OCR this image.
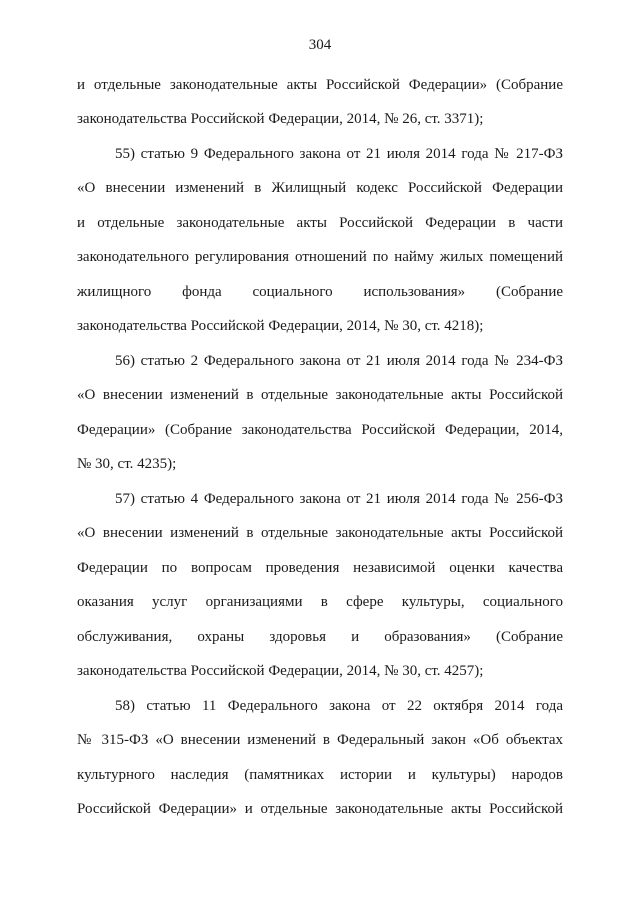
304
и отдельные законодательные акты Российской Федерации» (Собрание
законодательства Российской Федерации, 2014, № 26, ст. 3371);
55) статью 9 Федерального закона от 21 июля 2014 года № 217-ФЗ
«О внесении изменений в Жилищный кодекс Российской Федерации
и отдельные законодательные акты Российской Федерации в части
законодательного регулирования отношений по найму жилых помещений
жилищного фонда социального использования» (Собрание
законодательства Российской Федерации, 2014, № 30, ст. 4218);
56) статью 2 Федерального закона от 21 июля 2014 года № 234-ФЗ
«О внесении изменений в отдельные законодательные акты Российской
Федерации» (Собрание законодательства Российской Федерации, 2014,
№ 30, ст. 4235);
57) статью 4 Федерального закона от 21 июля 2014 года № 256-ФЗ
«О внесении изменений в отдельные законодательные акты Российской
Федерации по вопросам проведения независимой оценки качества
оказания услуг организациями в сфере культуры, социального
обслуживания, охраны здоровья и образования» (Собрание
законодательства Российской Федерации, 2014, № 30, ст. 4257);
58) статью 11 Федерального закона от 22 октября 2014 года
№ 315-ФЗ «О внесении изменений в Федеральный закон «Об объектах
культурного наследия (памятниках истории и культуры) народов
Российской Федерации» и отдельные законодательные акты Российской
